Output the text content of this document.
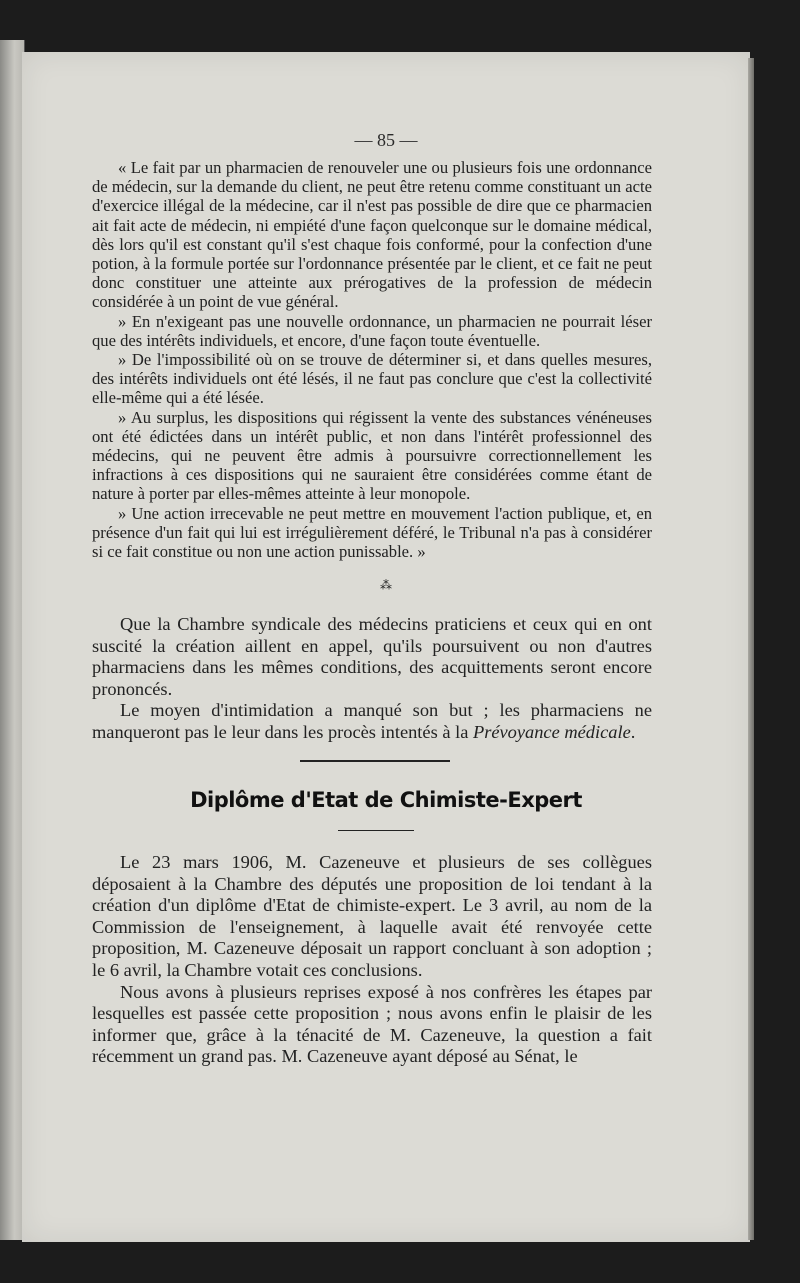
— 85 —

« Le fait par un pharmacien de renouveler une ou plusieurs fois une ordonnance de médecin, sur la demande du client, ne peut être retenu comme constituant un acte d'exercice illégal de la médecine, car il n'est pas possible de dire que ce pharmacien ait fait acte de médecin, ni empiété d'une façon quelconque sur le domaine médical, dès lors qu'il est constant qu'il s'est chaque fois conformé, pour la confection d'une potion, à la formule portée sur l'ordonnance présentée par le client, et ce fait ne peut donc constituer une atteinte aux prérogatives de la profession de médecin considérée à un point de vue général.

» En n'exigeant pas une nouvelle ordonnance, un pharmacien ne pourrait léser que des intérêts individuels, et encore, d'une façon toute éventuelle.

» De l'impossibilité où on se trouve de déterminer si, et dans quelles mesures, des intérêts individuels ont été lésés, il ne faut pas conclure que c'est la collectivité elle-même qui a été lésée.

» Au surplus, les dispositions qui régissent la vente des substances vénéneuses ont été édictées dans un intérêt public, et non dans l'intérêt professionnel des médecins, qui ne peuvent être admis à poursuivre correctionnellement les infractions à ces dispositions qui ne sauraient être considérées comme étant de nature à porter par elles-mêmes atteinte à leur monopole.

» Une action irrecevable ne peut mettre en mouvement l'action publique, et, en présence d'un fait qui lui est irrégulièrement déféré, le Tribunal n'a pas à considérer si ce fait constitue ou non une action punissable. »

⁂

Que la Chambre syndicale des médecins praticiens et ceux qui en ont suscité la création aillent en appel, qu'ils poursuivent ou non d'autres pharmaciens dans les mêmes conditions, des acquittements seront encore prononcés.

Le moyen d'intimidation a manqué son but ; les pharmaciens ne manqueront pas le leur dans les procès intentés à la Prévoyance médicale.

Diplôme d'Etat de Chimiste-Expert

Le 23 mars 1906, M. Cazeneuve et plusieurs de ses collègues déposaient à la Chambre des députés une proposition de loi tendant à la création d'un diplôme d'Etat de chimiste-expert. Le 3 avril, au nom de la Commission de l'enseignement, à laquelle avait été renvoyée cette proposition, M. Cazeneuve déposait un rapport concluant à son adoption ; le 6 avril, la Chambre votait ces conclusions.

Nous avons à plusieurs reprises exposé à nos confrères les étapes par lesquelles est passée cette proposition ; nous avons enfin le plaisir de les informer que, grâce à la ténacité de M. Cazeneuve, la question a fait récemment un grand pas. M. Cazeneuve ayant déposé au Sénat, le
